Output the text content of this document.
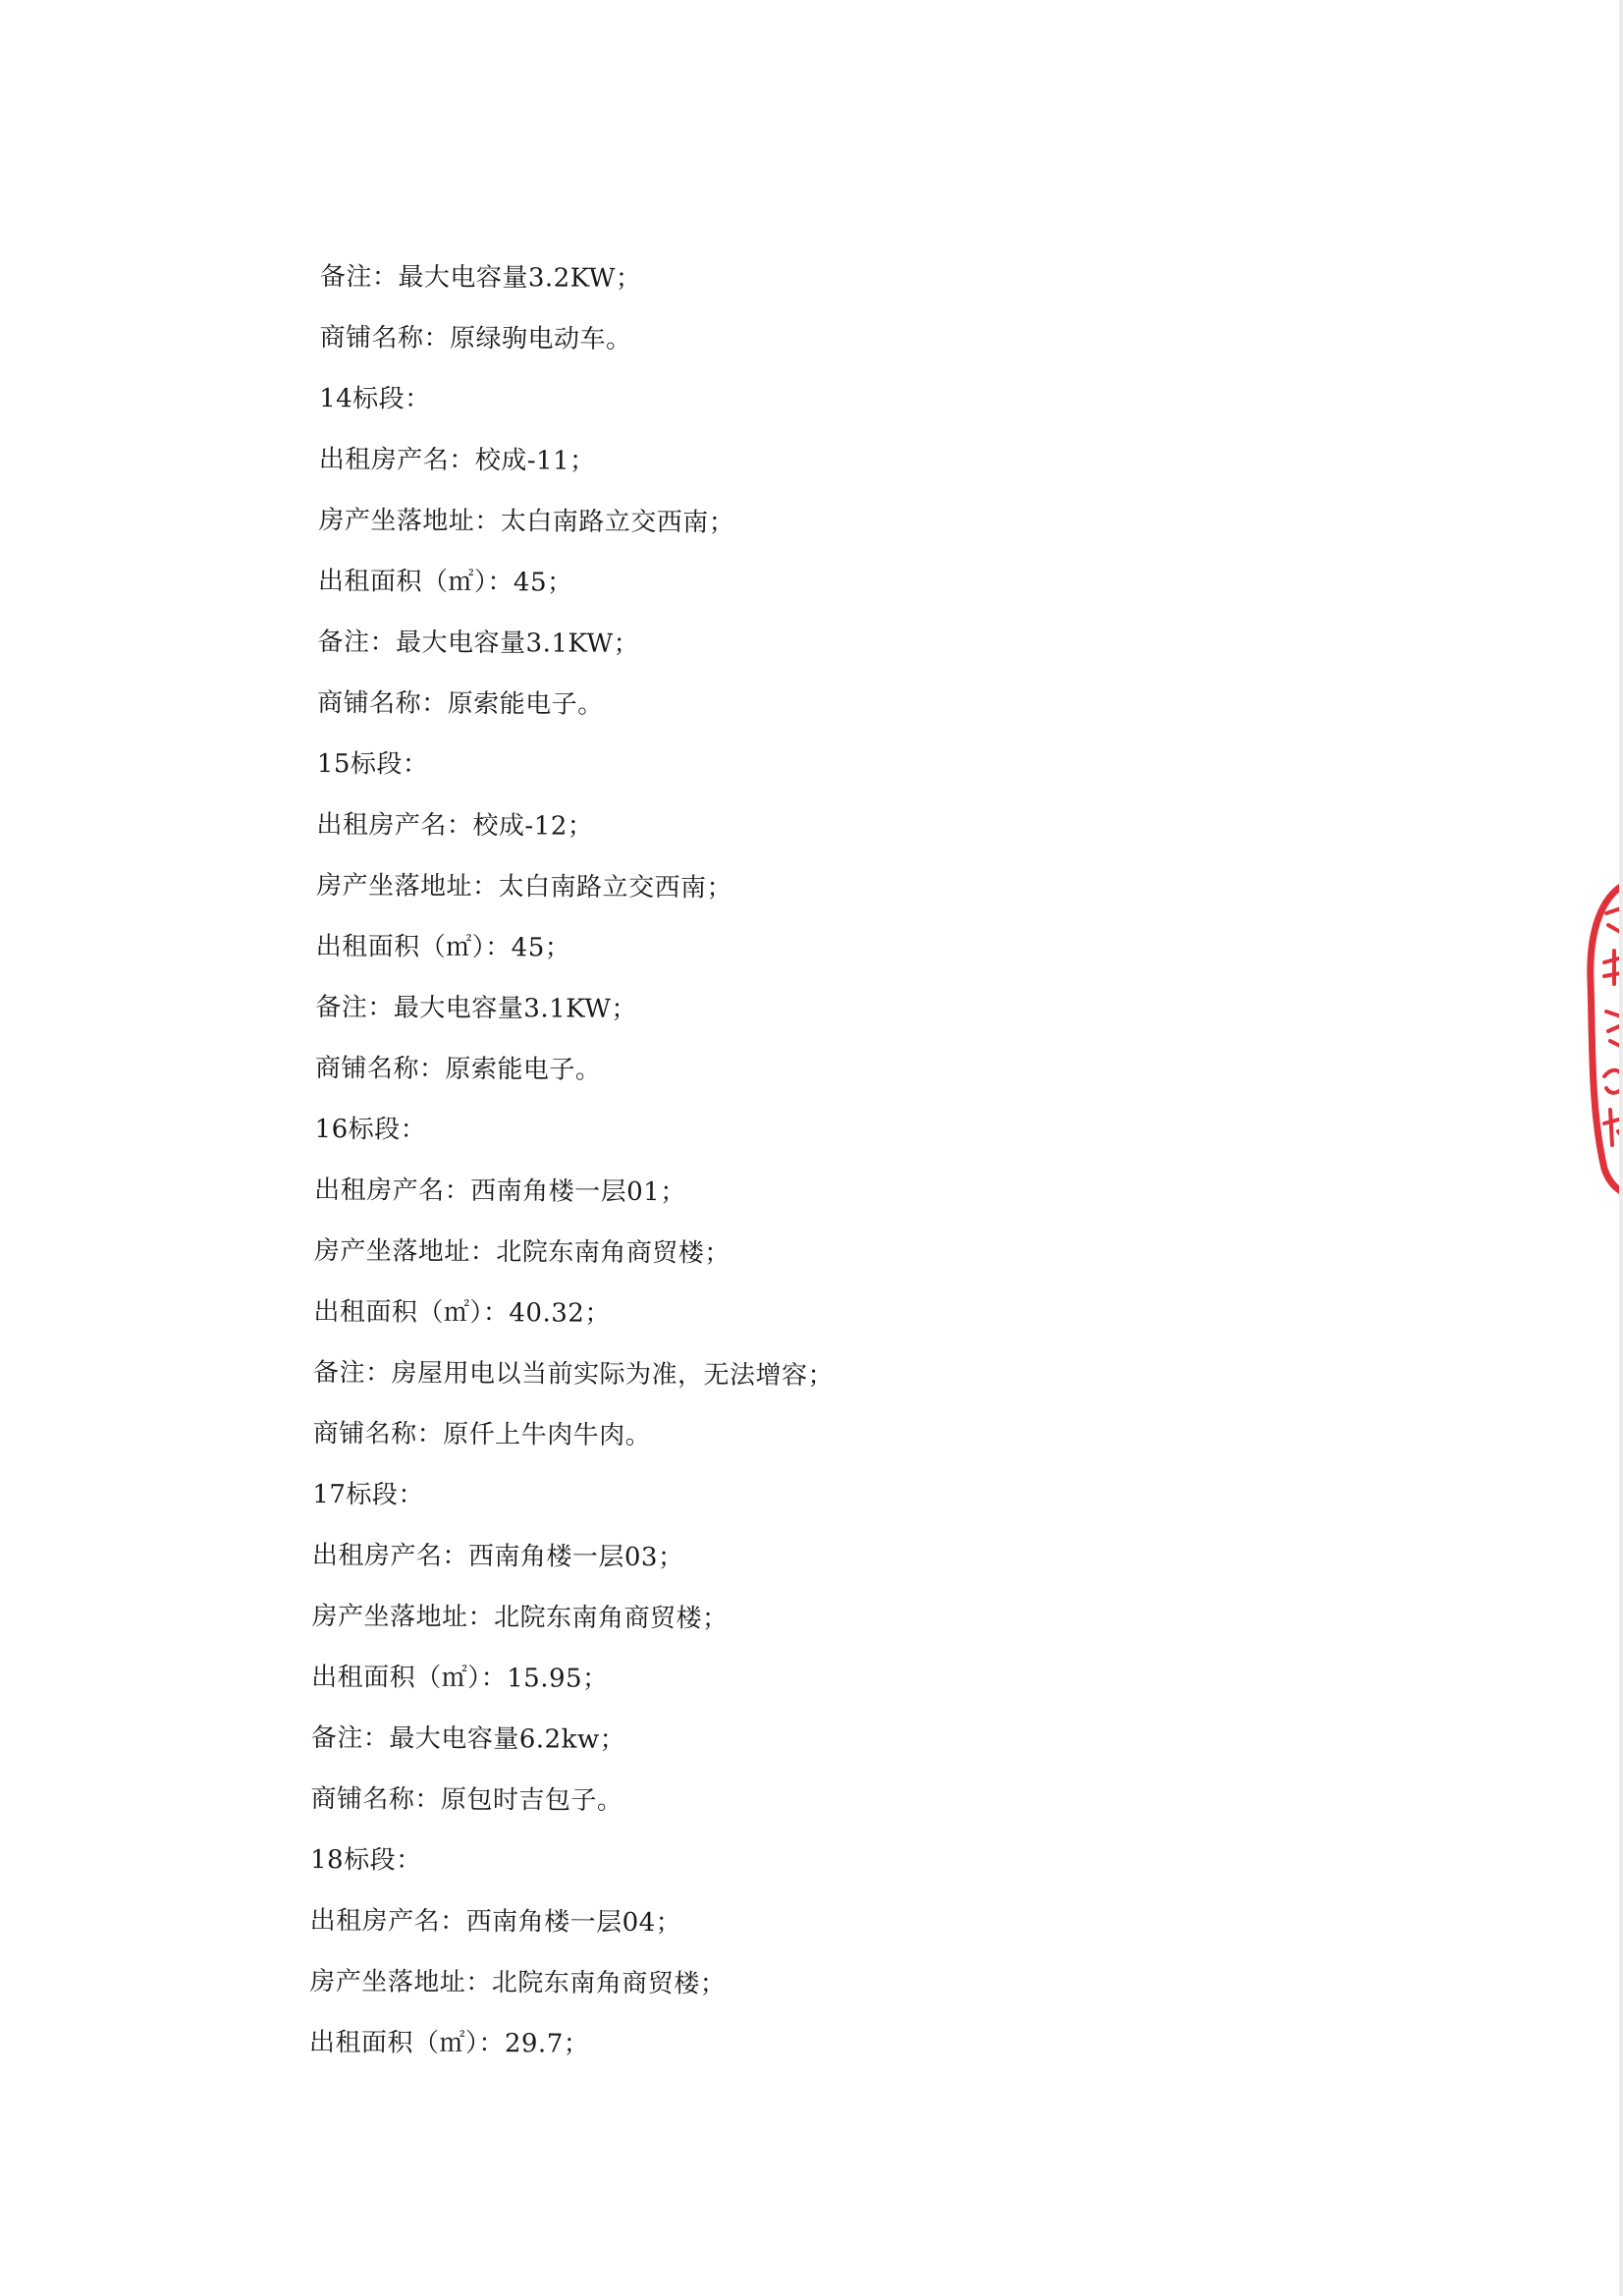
备注：最大电容量3.2KW；
商铺名称：原绿驹电动车。
14标段：
出租房产名：校成-11；
房产坐落地址：太白南路立交西南；
出租面积（㎡）：45；
备注：最大电容量3.1KW；
商铺名称：原索能电子。
15标段：
出租房产名：校成-12；
房产坐落地址：太白南路立交西南；
出租面积（㎡）：45；
备注：最大电容量3.1KW；
商铺名称：原索能电子。
16标段：
出租房产名：西南角楼一层01；
房产坐落地址：北院东南角商贸楼；
出租面积（㎡）：40.32；
备注：房屋用电以当前实际为准，无法增容；
商铺名称：原仟上牛肉牛肉。
17标段：
出租房产名：西南角楼一层03；
房产坐落地址：北院东南角商贸楼；
出租面积（㎡）：15.95；
备注：最大电容量6.2kw；
商铺名称：原包时吉包子。
18标段：
出租房产名：西南角楼一层04；
房产坐落地址：北院东南角商贸楼；
出租面积（㎡）：29.7；
